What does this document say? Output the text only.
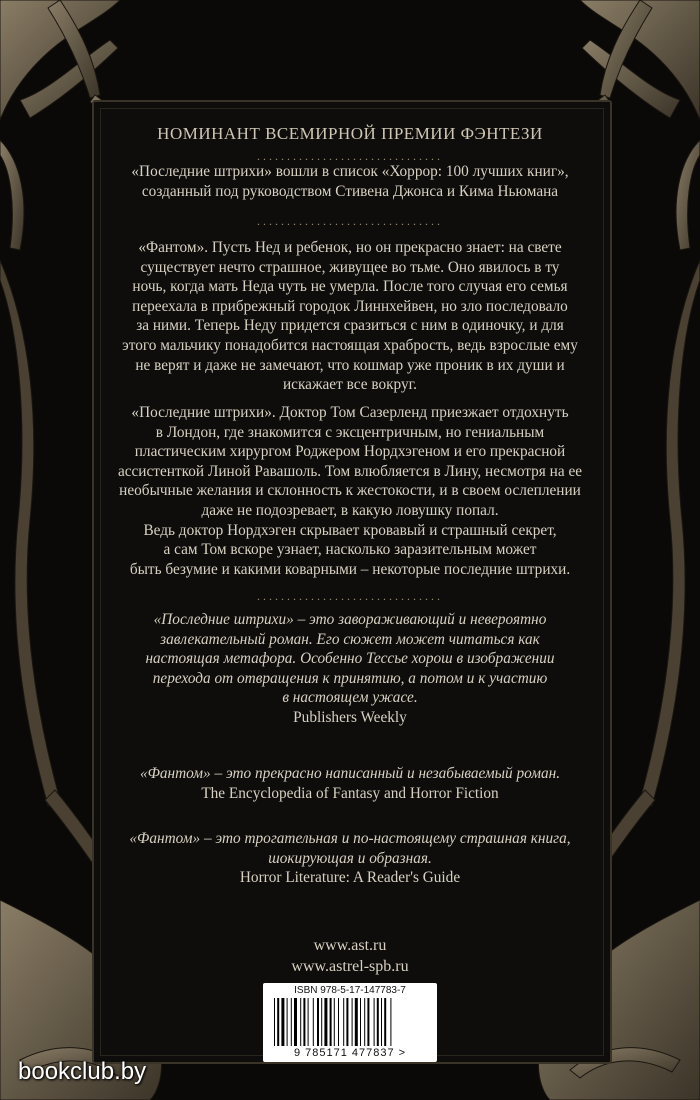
НОМИНАНТ ВСЕМИРНОЙ ПРЕМИИ ФЭНТЕЗИ
...............................

«Последние штрихи» вошли в список «Хоррор: 100 лучших книг»,

созданный под руководством Стивена Джонса и Кима Ньюмана

...............................

«Фантом». Пусть Нед и ребенок, но он прекрасно знает: на свете

существует нечто страшное, живущее во тьме. Оно явилось в ту

ночь, когда мать Неда чуть не умерла. После того случая его семья

переехала в прибрежный городок Линнхейвен, но зло последовало

за ними. Теперь Неду придется сразиться с ним в одиночку, и для

этого мальчику понадобится настоящая храбрость, ведь взрослые ему

не верят и даже не замечают, что кошмар уже проник в их души и

искажает все вокруг.

«Последние штрихи». Доктор Том Сазерленд приезжает отдохнуть

в Лондон, где знакомится с эксцентричным, но гениальным

пластическим хирургом Роджером Нордхэгеном и его прекрасной

ассистенткой Линой Равашоль. Том влюбляется в Лину, несмотря на ее

необычные желания и склонность к жестокости, и в своем ослеплении

даже не подозревает, в какую ловушку попал.

Ведь доктор Нордхэген скрывает кровавый и страшный секрет,

а сам Том вскоре узнает, насколько заразительным может

быть безумие и какими коварными – некоторые последние штрихи.

...............................

«Последние штрихи» – это завораживающий и невероятно

завлекательный роман. Его сюжет может читаться как

настоящая метафора. Особенно Тессье хорош в изображении

перехода от отвращения к принятию, а потом и к участию

в настоящем ужасе.

Publishers Weekly

«Фантом» – это прекрасно написанный и незабываемый роман.

The Encyclopedia of Fantasy and Horror Fiction

«Фантом» – это трогательная и по-настоящему страшная книга,

шокирующая и образная.

Horror Literature: A Reader's Guide

www.ast.ru
www.astrel-spb.ru
ISBN 978-5-17-147783-7
9 785171 477837 >
bookclub.by
